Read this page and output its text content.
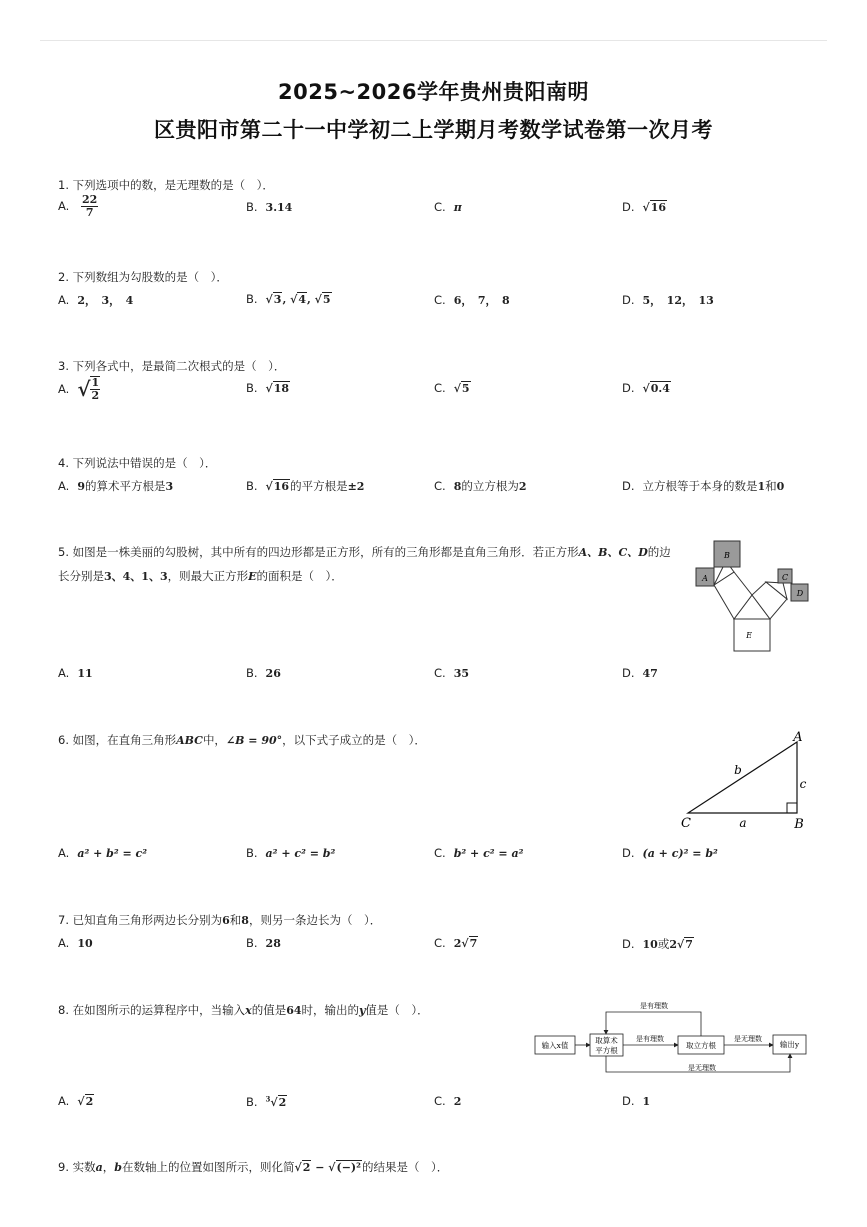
2025~2026学年贵州贵阳南明
区贵阳市第二十一中学初二上学期月考数学试卷第一次月考
1. 下列选项中的数，是无理数的是（　）．
A. $\frac{22}{7}$	B. 3.14	C. π	D. √16
2. 下列数组为勾股数的是（　）．
A. 2，　3，　4	B. √3, √4, √5	C. 6，　7，　8	D. 5，　12，　13
3. 下列各式中，是最简二次根式的是（　）．
A. √ $\frac{1}{2}$	B. √18	C. √5	D. √0.4
4. 下列说法中错误的是（　）．
A. 9的算术平方根是3	B. √16的平方根是±2	C. 8的立方根为2	D. 立方根等于本身的数是1和0
5. 如图是一株美丽的勾股树，其中所有的四边形都是正方形，所有的三角形都是直角三角形．若正方形A、B、C、D的边
长分别是3、4、1、3，则最大正方形E的面积是（　）．
B
A	C
D
E
A. 11	B. 26	C. 35	D. 47
6. 如图，在直角三角形ABC中，∠B = 90°，以下式子成立的是（　）．	A
B
C	a
b
c
A. a² + b² = c²	B. a² + c² = b²	C. b² + c² = a²	D. (a + c)² = b²
7. 已知直角三角形两边长分别为6和8，则另一条边长为（　）．
A. 10	B. 28	C. 2√7	D. 10或2√7
8. 在如图所示的运算程序中，当输入x的值是64时，输出的y值是（　）．
输入x值
取算术
平方根
是有理数
取立方根
是无理数
输出y
是有理数
是无理数
A. √2	B. $^3$√2	C. 2	D. 1
9. 实数a，b在数轴上的位置如图所示，则化简√2 − √(−)²的结果是（　）．
